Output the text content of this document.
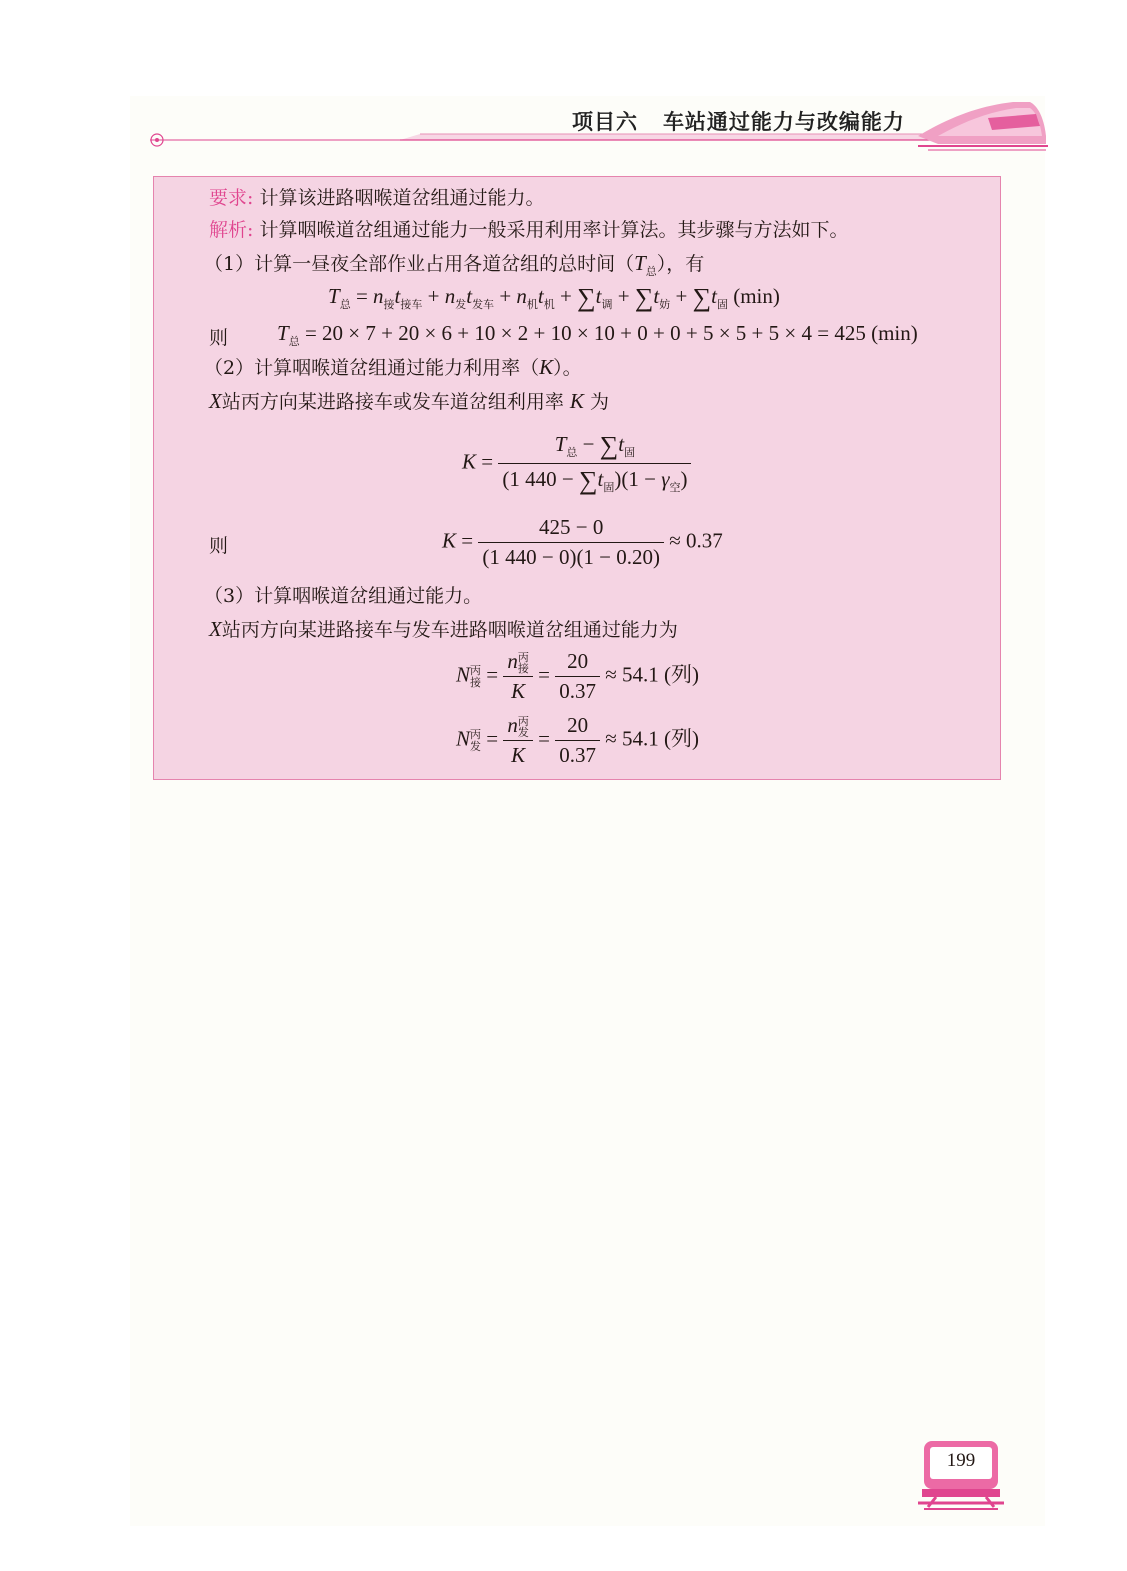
项目六 车站通过能力与改编能力
要求: 计算该进路咽喉道岔组通过能力。
解析: 计算咽喉道岔组通过能力一般采用利用率计算法。其步骤与方法如下。
（1）计算一昼夜全部作业占用各道岔组的总时间$(T_总)$，有
$T_总 = n_接t_{接车} + n_发t_{发车} + n_机t_机 + \sum t_调 + \sum t_妨 + \sum t_固$ (min)
则 $T_总 = 20 \times 7 + 20 \times 6 + 10 \times 2 + 10 \times 10 + 0 + 0 + 5 \times 5 + 5 \times 4 = 425$ (min)
（2）计算咽喉道岔组通过能力利用率（K）。
X站丙方向某进路接车或发车道岔组利用率 K 为
$K = \frac{T_总 - \sum t_固}{(1 440 - \sum t_固)(1 - \gamma_空)}$
则	$K = \frac{425 - 0}{(1 440 - 0)(1 - 0.20)} \approx 0.37$
（3）计算咽喉道岔组通过能力。
X站丙方向某进路接车与发车进路咽喉道岔组通过能力为
N 丙
接 = n 丙
接
$K = \frac{20}{0.37} \approx 54.1$ (列)
N 丙
发 = n 丙
发
$K = \frac{20}{0.37} \approx 54.1$ (列)
199
